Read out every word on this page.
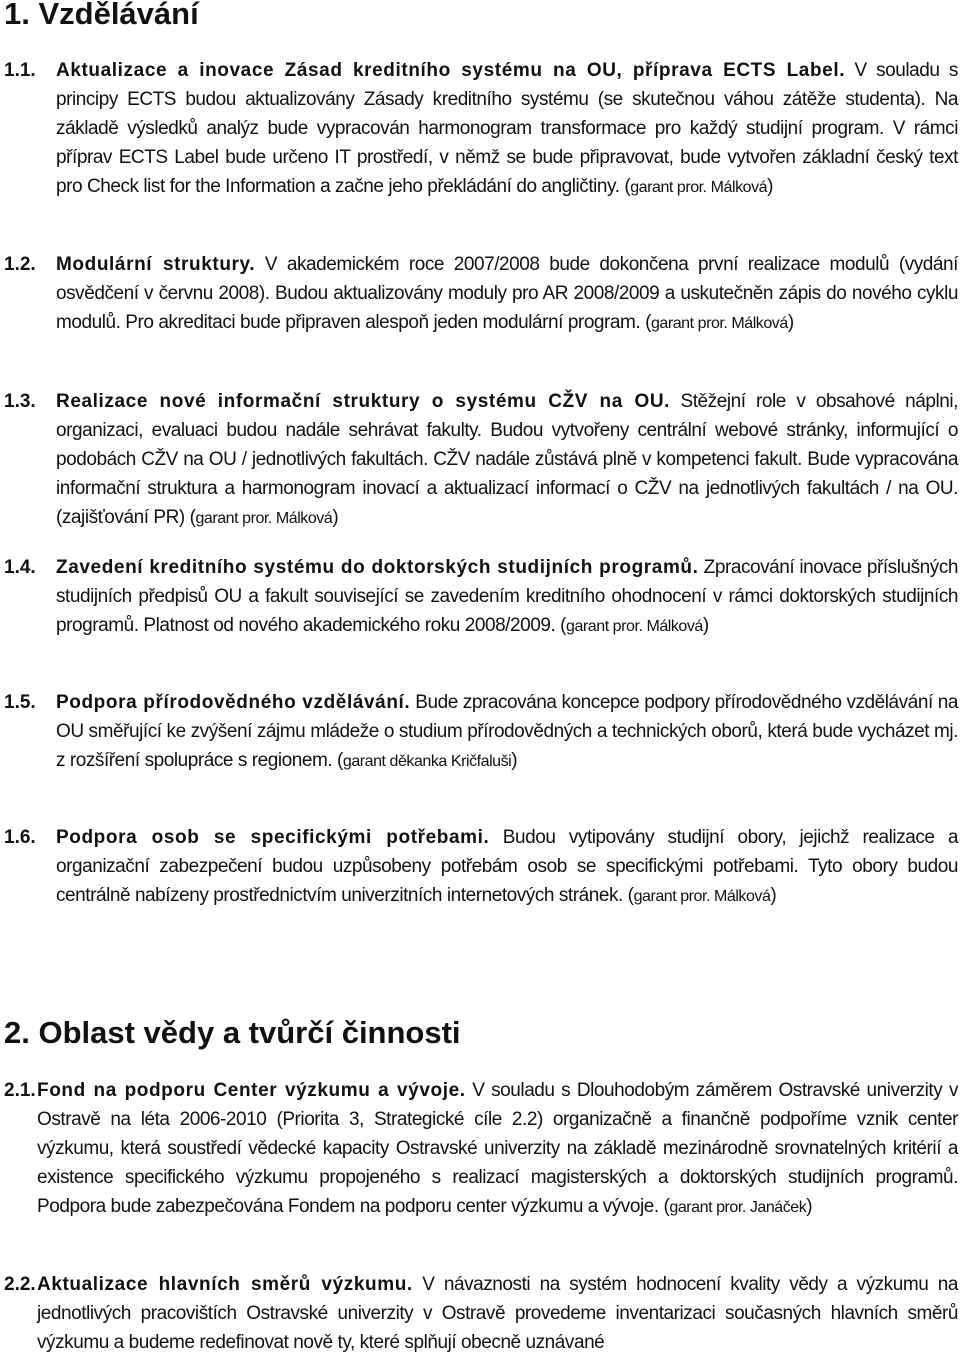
1. Vzdělávání
1.1.	Aktualizace a inovace Zásad kreditního systému na OU, příprava ECTS Label. V souladu s principy ECTS budou aktualizovány Zásady kreditního systému (se skutečnou váhou zátěže studenta). Na základě výsledků analýz bude vypracován harmonogram transformace pro každý studijní program. V rámci příprav ECTS Label bude určeno IT prostředí, v němž se bude připravovat, bude vytvořen základní český text pro Check list for the Information a začne jeho překládání do angličtiny. (garant pror. Málková)
1.2.	Modulární struktury. V akademickém roce 2007/2008 bude dokončena první realizace modulů (vydání osvědčení v červnu 2008). Budou aktualizovány moduly pro AR 2008/2009 a uskutečněn zápis do nového cyklu modulů. Pro akreditaci bude připraven alespoň jeden modulární program. (garant pror. Málková)
1.3.	Realizace nové informační struktury o systému CŽV na OU. Stěžejní role v obsahové náplni, organizaci, evaluaci budou nadále sehrávat fakulty. Budou vytvořeny centrální webové stránky, informující o podobách CŽV na OU / jednotlivých fakultách. CŽV nadále zůstává plně v kompetenci fakult. Bude vypracována informační struktura a harmonogram inovací a aktualizací informací o CŽV na jednotlivých fakultách / na OU. (zajišťování PR) (garant pror. Málková)
1.4.	Zavedení kreditního systému do doktorských studijních programů. Zpracování inovace příslušných studijních předpisů OU a fakult související se zavedením kreditního ohodnocení v rámci doktorských studijních programů. Platnost od nového akademického roku 2008/2009. (garant pror. Málková)
1.5.	Podpora přírodovědného vzdělávání. Bude zpracována koncepce podpory přírodovědného vzdělávání na OU směřující ke zvýšení zájmu mládeže o studium přírodovědných a technických oborů, která bude vycházet mj. z rozšíření spolupráce s regionem. (garant děkanka Kričfaluši)
1.6.	Podpora osob se specifickými potřebami. Budou vytipovány studijní obory, jejichž realizace a organizační zabezpečení budou uzpůsobeny potřebám osob se specifickými potřebami. Tyto obory budou centrálně nabízeny prostřednictvím univerzitních internetových stránek. (garant pror. Málková)
2. Oblast vědy a tvůrčí činnosti
2.1. Fond na podporu Center výzkumu a vývoje. V souladu s Dlouhodobým záměrem Ostravské univerzity v Ostravě na léta 2006-2010 (Priorita 3, Strategické cíle 2.2) organizačně a finančně podpoříme vznik center výzkumu, která soustředí vědecké kapacity Ostravské univerzity na základě mezinárodně srovnatelných kritérií a existence specifického výzkumu propojeného s realizací magisterských a doktorských studijních programů. Podpora bude zabezpečována Fondem na podporu center výzkumu a vývoje. (garant pror. Janáček)
2.2. Aktualizace hlavních směrů výzkumu. V návaznosti na systém hodnocení kvality vědy a výzkumu na jednotlivých pracovištích Ostravské univerzity v Ostravě provedeme inventarizaci současných hlavních směrů výzkumu a budeme redefinovat nově ty, které splňují obecně uznávané
